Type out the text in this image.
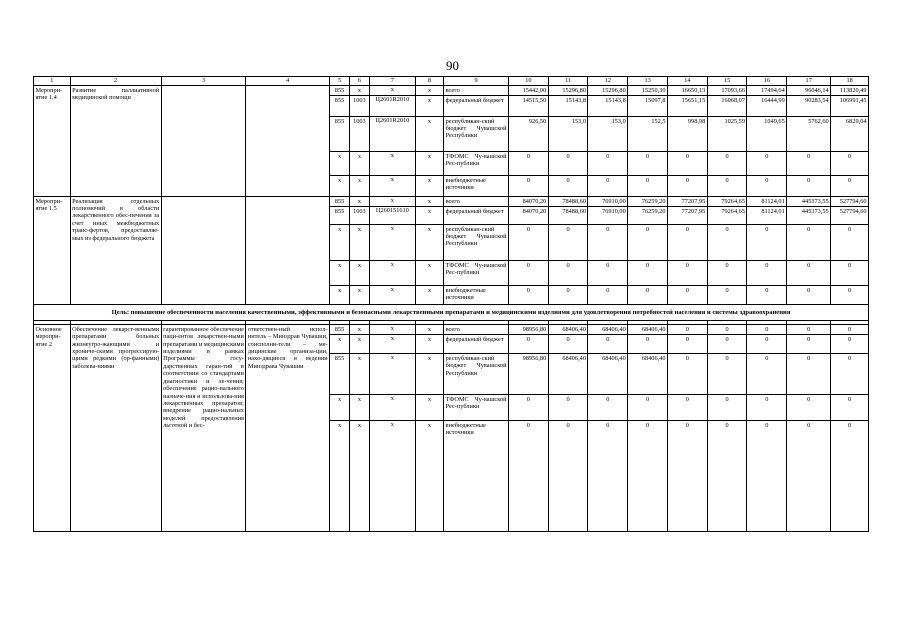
90
1	2	3	4	5	6	7	8	9	10	11	12	13	14	15	16	17	18
Меропри-ятие 1.4	Развитие паллиативной медицинской помощи			855	x	x	x	всего	15442,00	15296,80	15296,80	15250,30	16650,13	17093,66	17494,64	96046,14	113820,49
				855	1003	Ц2601R2010	x	федеральный бюджет	14515,50	15143,8	15143,8	15097,8	15651,15	16068,07	16444,99	90283,54	106991,45
				855	1003	Ц2601R2010	x	республикан-ский бюджет Чувашской Республики	926,50	153,0	153,0	152,5	998,98	1025,59	1049,65	5762,60	6829,04
				x	x	x	x	ТФОМС Чу-вашской Рес-публики	0	0	0	0	0	0	0	0	0
				x	x	x	x	внебюджетные источники	0	0	0	0	0	0	0	0	0
Меропри-ятие 1.5	Реализация отдельных полномочий в области лекарственного обес-печения за счет иных межбюджетных транс-фертов, предоставляе-мых из федерального бюджета			855	x	x	x	всего	84070,20	78488,60	76910,00	76259,20	77207,95	79264,65	81124,01	445373,55	527794,60
				855	1003	Ц260151610	x	федеральный бюджет	84070,20	78488,60	76910,00	76259,20	77207,95	79264,65	81124,01	445373,55	527794,60
				x	x	x	x	республикан-ский бюджет Чувашской Республики	0	0	0	0	0	0	0	0	0
				x	x	x	x	ТФОМС Чу-вашской Рес-публики	0	0	0	0	0	0	0	0	0
				x	x	x	x	внебюджетные источники	0	0	0	0	0	0	0	0	0
Цель: повышение обеспеченности населения качественными, эффективными и безопасными лекарственными препаратами и медицинскими изделиями для удовлетворения потребностей населения и системы здравоохранения																	

Основное меропри-ятие 2	Обеспечение лекарст-венными препаратами больных жизнеугро-жающими и хрониче-скими прогрессирую-щими редкими (ор-фанными) заболева-ниями	гарантированное обеспечение паци-ентов лекарствен-ными препаратами и медицинскими изделиями в рамках Программы госу-дарственных гаран-тий в соответствии со стандартами диагностики и ле-чения; обеспечение рацио-нального назначе-ния и использова-ния лекарственных препаратов; внедрение рацио-нальных моделей предоставления льготной и бес-	ответствен-ный испол-нитель – Минздрав Чувашии, соисполни-тели – ме-дицинские организа-ции, нахо-дящиеся в ведении Минздрава Чувашии	855	x	x	x	всего	98956,80	68406,40	68406,40	68406,40	0	0	0	0	0
				x	x	x	x	федеральный бюджет	0	0	0	0	0	0	0	0	0
				855	x	x	x	республикан-ский бюджет Чувашской Республики	98956,80	68406,40	68406,40	68406,40	0	0	0	0	0
				x	x	x	x	ТФОМС Чу-вашской Рес-публики	0	0	0	0	0	0	0	0	0
				x	x	x	x	внебюджетные источники	0	0	0	0	0	0	0	0	0
